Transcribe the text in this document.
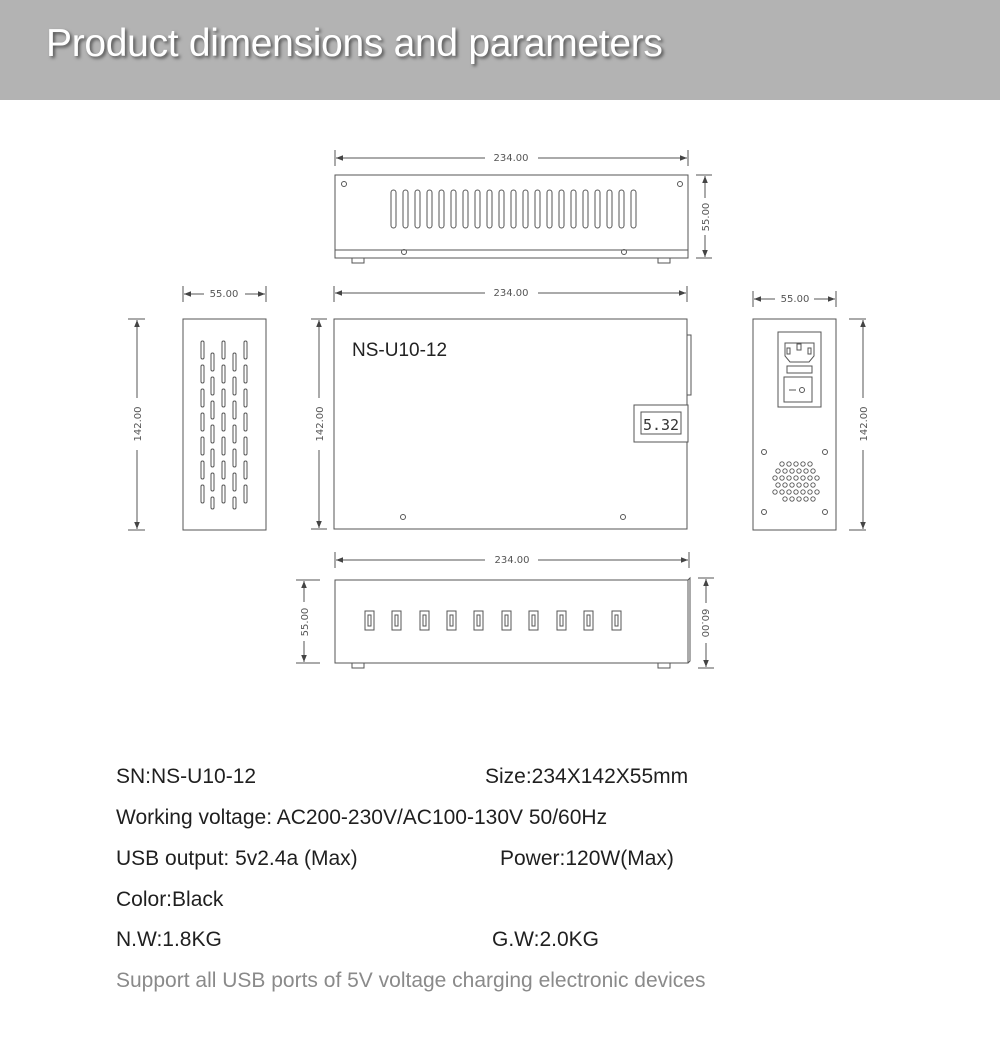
Product dimensions and parameters
234.00
55.00
55.00
142.00
NS-U10-12
5.32
234.00
142.00
55.00
142.00
234.00
55.00	60.00
SN:NS-U10-12	Size:234X142X55mm
Working voltage: AC200-230V/AC100-130V 50/60Hz
USB output: 5v2.4a (Max)	Power:120W(Max)
Color:Black
N.W:1.8KG	G.W:2.0KG
Support all USB ports of 5V voltage charging electronic devices
